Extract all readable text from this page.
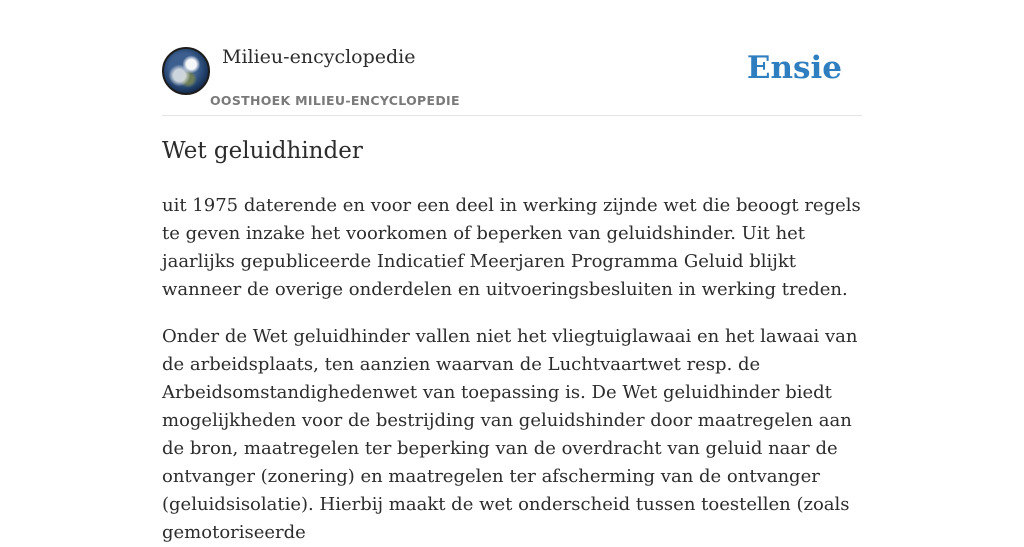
Milieu-encyclopedie
OOSTHOEK MILIEU-ENCYCLOPEDIE
Ensie
Wet geluidhinder

uit 1975 daterende en voor een deel in werking zijnde wet die beoogt regels te geven inzake het voorkomen of beperken van geluidshinder. Uit het jaarlijks gepubliceerde Indicatief Meerjaren Programma Geluid blijkt wanneer de overige onderdelen en uitvoeringsbesluiten in werking treden.

Onder de Wet geluidhinder vallen niet het vliegtuiglawaai en het lawaai van de arbeidsplaats, ten aanzien waarvan de Luchtvaartwet resp. de Arbeidsomstandighedenwet van toepassing is. De Wet geluidhinder biedt mogelijkheden voor de bestrijding van geluidshinder door maatregelen aan de bron, maatregelen ter beperking van de overdracht van geluid naar de ontvanger (zonering) en maatregelen ter afscherming van de ontvanger (geluidsisolatie). Hierbij maakt de wet onderscheid tussen toestellen (zoals gemotoriseerde
